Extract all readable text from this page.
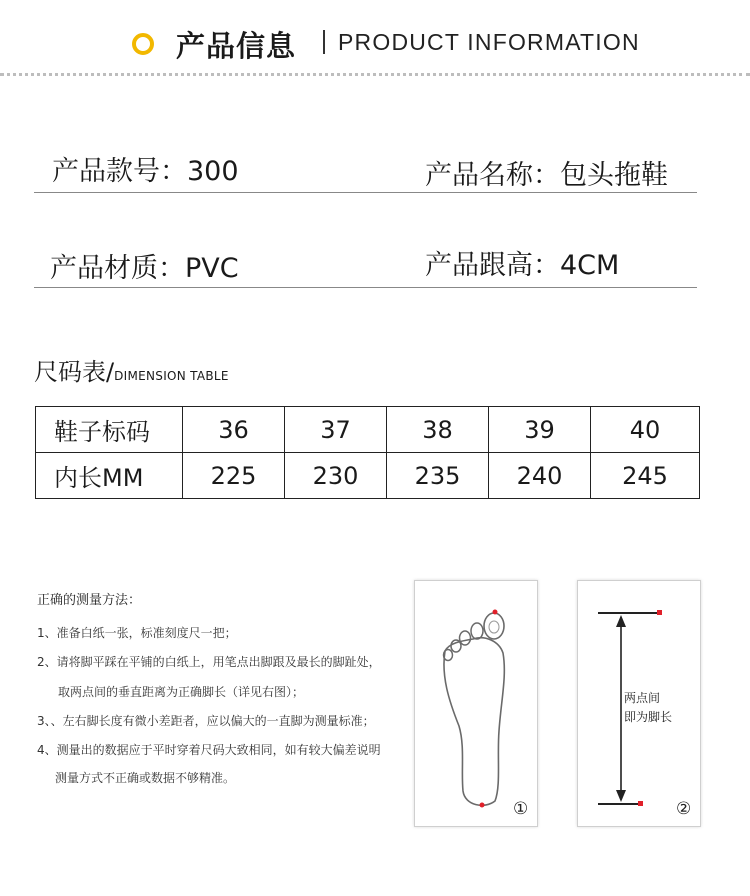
产品信息 PRODUCT INFORMATION
产品款号：300	产品名称：包头拖鞋
产品材质：PVC	产品跟高：4CM
尺码表/DIMENSION TABLE
鞋子标码	36	37	38	39	40
内长MM	225	230	235	240	245
正确的测量方法：
1、准备白纸一张，标准刻度尺一把；
2、请将脚平踩在平铺的白纸上，用笔点出脚跟及最长的脚趾处，
取两点间的垂直距离为正确脚长（详见右图）；
3、、左右脚长度有微小差距者，应以偏大的一直脚为测量标准；
4、测量出的数据应于平时穿着尺码大致相同，如有较大偏差说明
测量方式不正确或数据不够精准。
①	②
两点间
即为脚长
